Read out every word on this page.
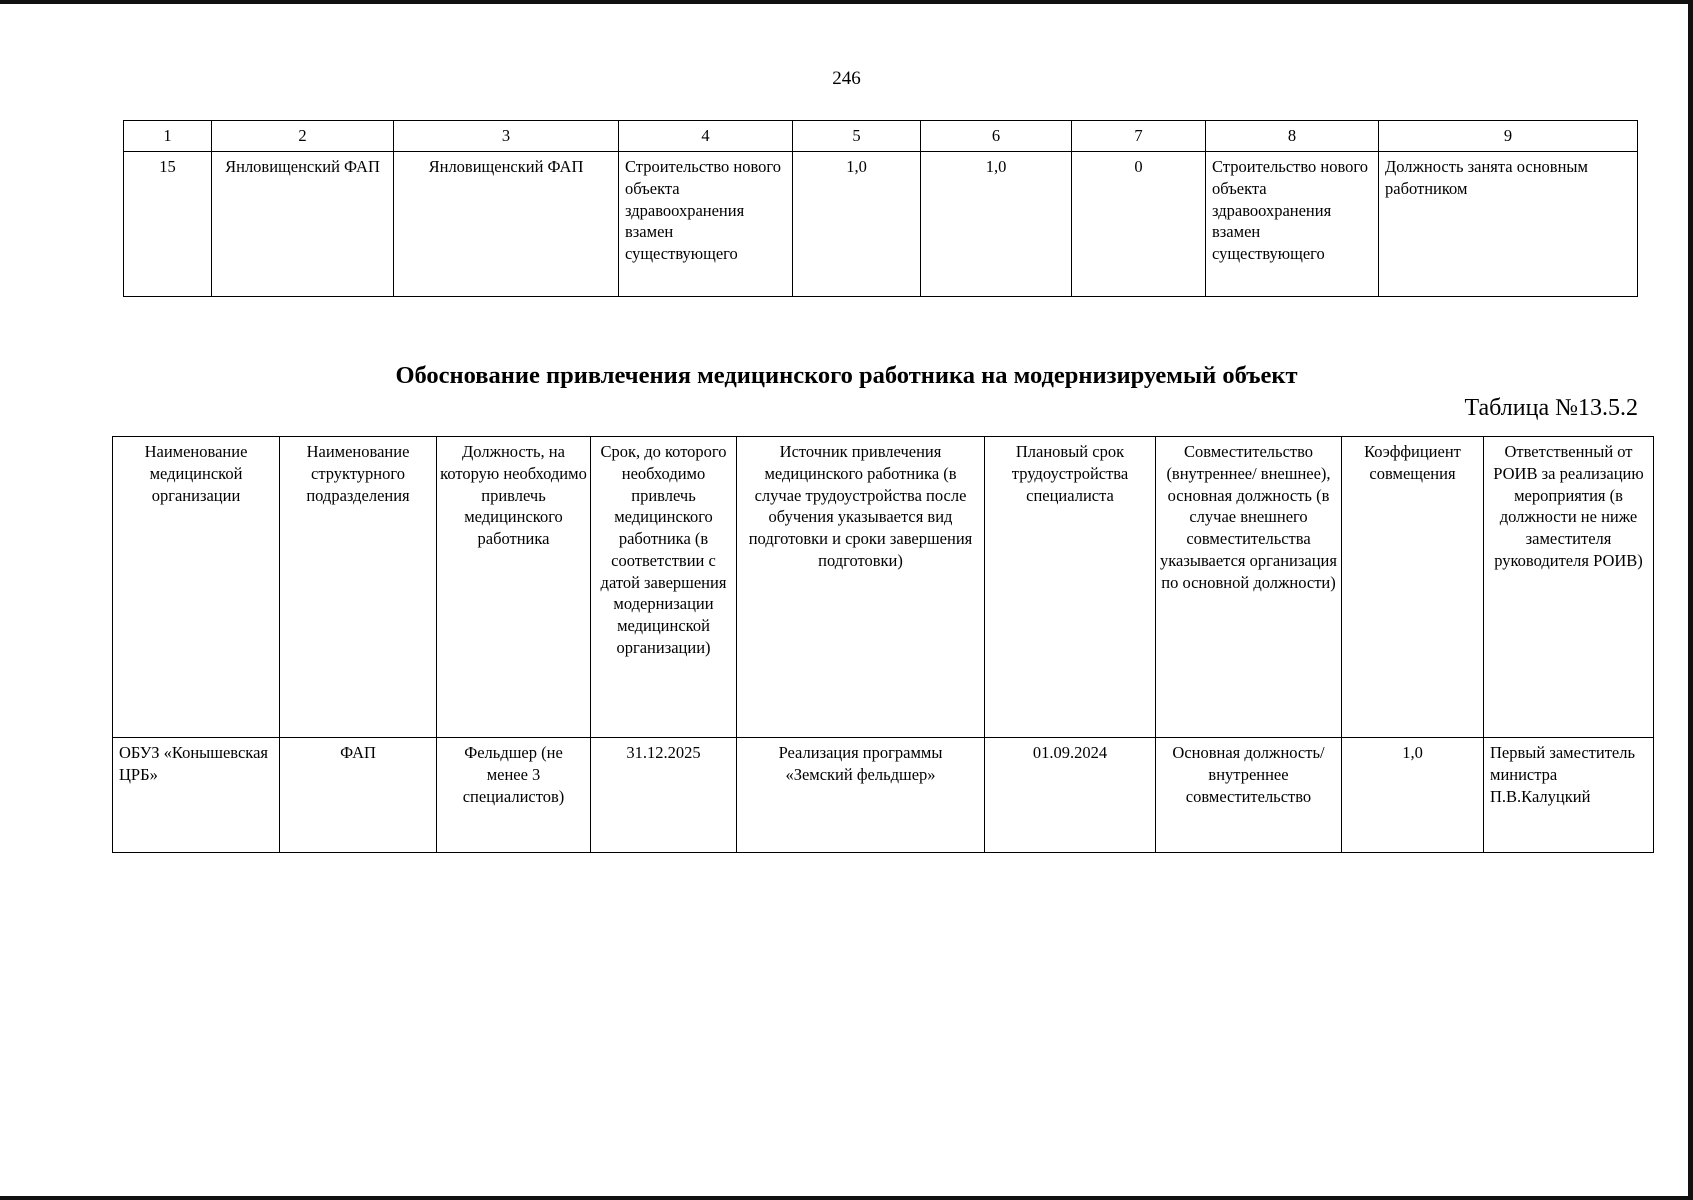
246
1	2	3	4	5	6	7	8	9
15	Янловищенский ФАП	Янловищенский ФАП	Строительство нового объекта здравоохранения взамен существующего	1,0	1,0	0	Строительство нового объекта здравоохранения взамен существующего	Должность занята основным работником
Обоснование привлечения медицинского работника на модернизируемый объект
Таблица №13.5.2
Наименование медицинской организации	Наименование структурного подразделения	Должность, на которую необходимо привлечь медицинского работника	Срок, до которого необходимо привлечь медицинского работника (в соответствии с датой завершения модернизации медицинской организации)	Источник привлечения медицинского работника (в случае трудоустройства после обучения указывается вид подготовки и сроки завершения подготовки)	Плановый срок трудоустройства специалиста	Совместительство (внутреннее/ внешнее), основная должность (в случае внешнего совместительства указывается организация по основной должности)	Коэффициент совмещения	Ответственный от РОИВ за реализацию мероприятия (в должности не ниже заместителя руководителя РОИВ)
ОБУЗ «Конышевская ЦРБ»	ФАП	Фельдшер (не менее 3 специалистов)	31.12.2025	Реализация программы «Земский фельдшер»	01.09.2024	Основная должность/ внутреннее совместительство	1,0	Первый заместитель министра П.В.Калуцкий
